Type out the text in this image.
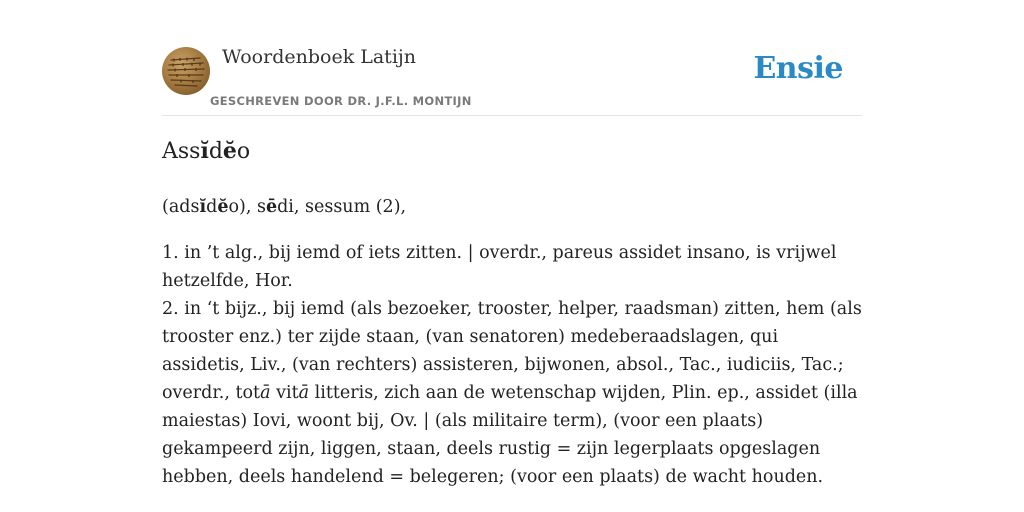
Woordenboek Latijn
GESCHREVEN DOOR DR. J.F.L. MONTIJN
Ensie
Assĭdĕo

(adsĭdĕo), sēdi, sessum (2),

1. in ’t alg., bij iemd of iets zitten. | overdr., pareus assidet insano, is vrijwel hetzelfde, Hor.
2. in ‘t bijz., bij iemd (als bezoeker, trooster, helper, raadsman) zitten, hem (als trooster enz.) ter zijde staan, (van senatoren) medeberaadslagen, qui assidetis, Liv., (van rechters) assisteren, bijwonen, absol., Tac., iudiciis, Tac.; overdr., totā vitā litteris, zich aan de wetenschap wijden, Plin. ep., assidet (illa maiestas) Iovi, woont bij, Ov. | (als militaire term), (voor een plaats) gekampeerd zijn, liggen, staan, deels rustig = zijn legerplaats opgeslagen hebben, deels handelend = belegeren; (voor een plaats) de wacht houden.
